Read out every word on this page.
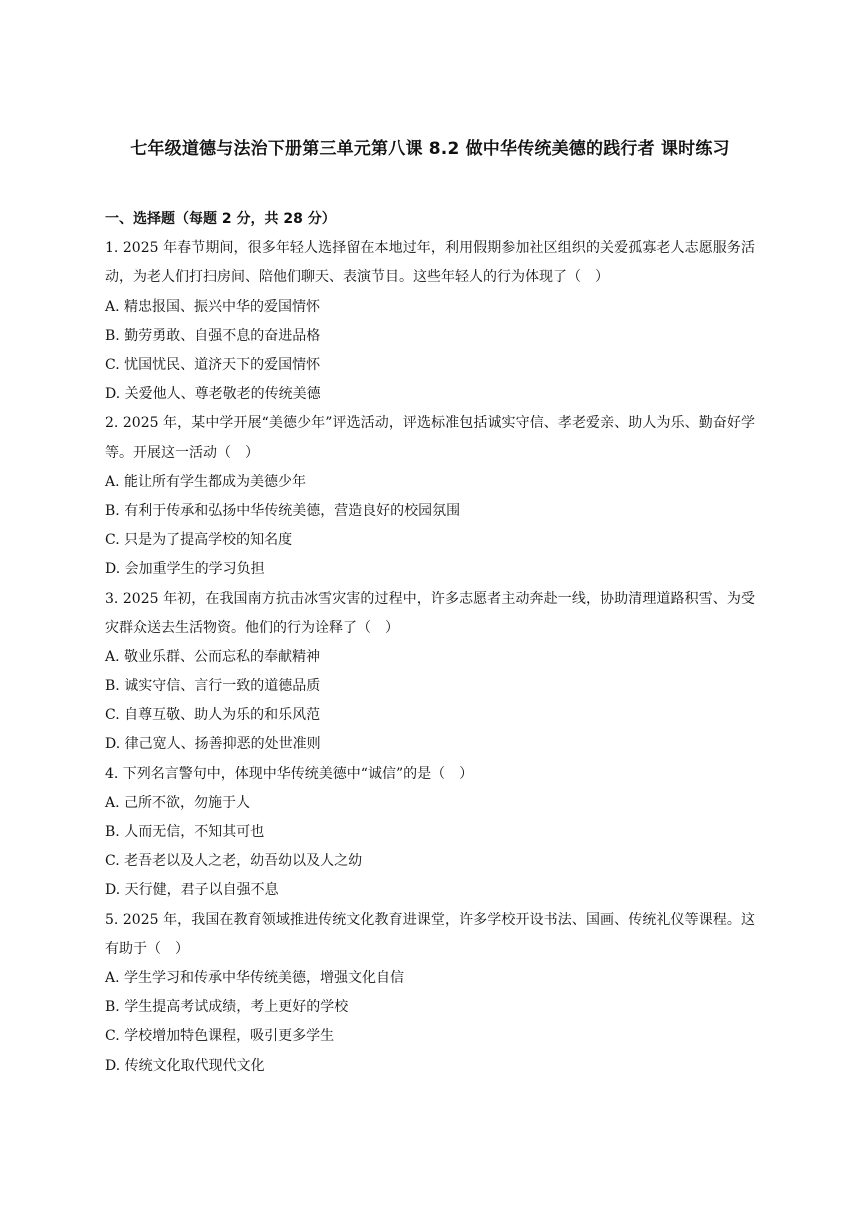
七年级道德与法治下册第三单元第八课 8.2 做中华传统美德的践行者 课时练习
一、选择题（每题 2 分，共 28 分）

1. 2025 年春节期间，很多年轻人选择留在本地过年，利用假期参加社区组织的关爱孤寡老人志愿服务活动，为老人们打扫房间、陪他们聊天、表演节目。这些年轻人的行为体现了（　）

A. 精忠报国、振兴中华的爱国情怀

B. 勤劳勇敢、自强不息的奋进品格

C. 忧国忧民、道济天下的爱国情怀

D. 关爱他人、尊老敬老的传统美德

2. 2025 年，某中学开展“美德少年”评选活动，评选标准包括诚实守信、孝老爱亲、助人为乐、勤奋好学等。开展这一活动（　）

A. 能让所有学生都成为美德少年

B. 有利于传承和弘扬中华传统美德，营造良好的校园氛围

C. 只是为了提高学校的知名度

D. 会加重学生的学习负担

3. 2025 年初，在我国南方抗击冰雪灾害的过程中，许多志愿者主动奔赴一线，协助清理道路积雪、为受灾群众送去生活物资。他们的行为诠释了（　）

A. 敬业乐群、公而忘私的奉献精神

B. 诚实守信、言行一致的道德品质

C. 自尊互敬、助人为乐的和乐风范

D. 律己宽人、扬善抑恶的处世准则

4. 下列名言警句中，体现中华传统美德中“诚信”的是（　）

A. 己所不欲，勿施于人

B. 人而无信，不知其可也

C. 老吾老以及人之老，幼吾幼以及人之幼

D. 天行健，君子以自强不息

5. 2025 年，我国在教育领域推进传统文化教育进课堂，许多学校开设书法、国画、传统礼仪等课程。这有助于（　）

A. 学生学习和传承中华传统美德，增强文化自信

B. 学生提高考试成绩，考上更好的学校

C. 学校增加特色课程，吸引更多学生

D. 传统文化取代现代文化
